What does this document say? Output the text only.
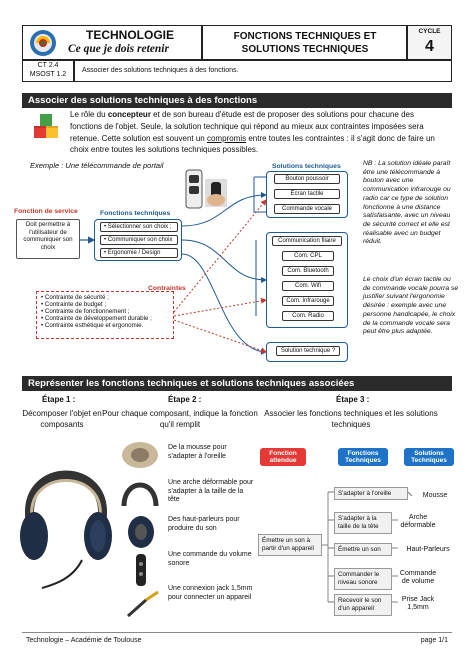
TECHNOLOGIE
Ce que je dois retenir
FONCTIONS TECHNIQUES ET
SOLUTIONS TECHNIQUES
CYCLE
4
CT 2.4
MSOST 1.2
Associer des solutions techniques à des fonctions.
Associer des solutions techniques à des fonctions
Le rôle du concepteur et de son bureau d'étude est de proposer des solutions pour chacune des
fonctions de l'objet. Seule, la solution technique qui répond au mieux aux contraintes imposées sera
retenue. Cette solution est souvent un compromis entre toutes les contraintes : il s'agit donc de faire un
choix entre toutes les solutions techniques possibles.
Exemple : Une télécommande de portail
Fonction de service
Doit permettre à l'utilisateur de communiquer son choix
Fonctions techniques
• Sélectionner son choix ;
• Communiquer son choix
• Ergonomie / Design
Contraintes
• Contrainte de sécurité ;
• Contrainte de budget ;
• Contrainte de fonctionnement ;
• Contrainte de développement durable ;
• Contrainte esthétique et ergonomie.
Solutions techniques
Bouton poussoir
Écran tactile
Commande vocale
Communication filaire
Com. CPL
Com. Bluetooth
Com. Wifi
Com. Infrarouge
Com. Radio
Solution technique ?
NB : La solution idéale paraît être une télécommande à bouton avec une communication infrarouge ou radio car ce type de solution fonctionne à une distance satisfaisante, avec un niveau de sécurité correct et elle est réalisable avec un budget réduit.
Le choix d'un écran tactile ou de commande vocale pourra se justifier suivant l'ergonomie désirée : exemple avec une personne handicapée, le choix de la commande vocale sera peut être plus adaptée.
Représenter les fonctions techniques et solutions techniques associées
Étape 1 :
Décomposer l'objet en composants
Étape 2 :
Pour chaque composant, indique la fonction qu'il remplit
Étape 3 :
Associer les fonctions techniques et les solutions techniques
De la mousse pour s'adapter à l'oreille
Une arche déformable pour s'adapter à la taille de la tête
Des haut-parleurs pour produire du son
Une commande du volume sonore
Une connexion jack 1,5mm pour connecter un appareil
Fonction attendue
Fonctions Techniques
Solutions Techniques
Émettre un son à partir d'un appareil
S'adapter à l'oreille
S'adapter à la taille de la tête
Émettre un son
Commander le niveau sonore
Recevoir le son d'un appareil
Mousse
Arche déformable
Haut-Parleurs
Commande de volume
Prise Jack 1,5mm
Technologie – Académie de Toulouse	page 1/1
